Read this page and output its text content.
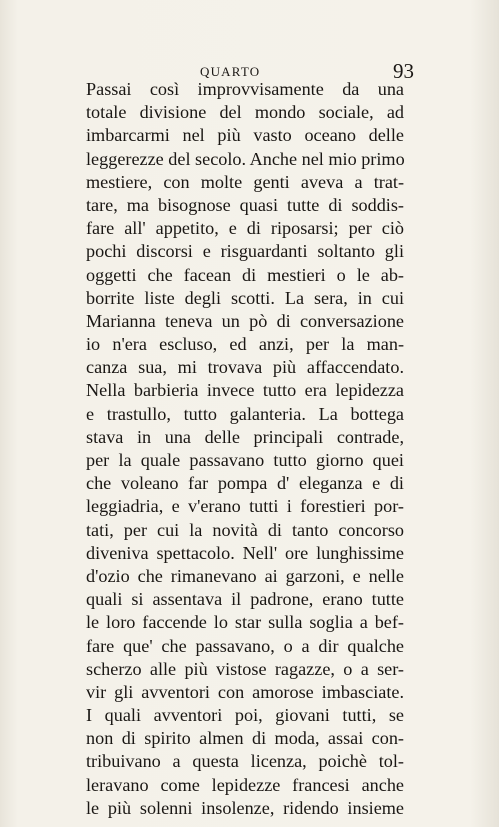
QUARTO	93
Passai così improvvisamente da una
totale divisione del mondo sociale, ad
imbarcarmi nel più vasto oceano delle
leggerezze del secolo. Anche nel mio primo
mestiere, con molte genti aveva a trat-
tare, ma bisognose quasi tutte di soddis-
fare all' appetito, e di riposarsi; per ciò
pochi discorsi e risguardanti soltanto gli
oggetti che facean di mestieri o le ab-
borrite liste degli scotti. La sera, in cui
Marianna teneva un pò di conversazione
io n'era escluso, ed anzi, per la man-
canza sua, mi trovava più affaccendato.
Nella barbieria invece tutto era lepidezza
e trastullo, tutto galanteria. La bottega
stava in una delle principali contrade,
per la quale passavano tutto giorno quei
che voleano far pompa d' eleganza e di
leggiadria, e v'erano tutti i forestieri por-
tati, per cui la novità di tanto concorso
diveniva spettacolo. Nell' ore lunghissime
d'ozio che rimanevano ai garzoni, e nelle
quali si assentava il padrone, erano tutte
le loro faccende lo star sulla soglia a bef-
fare que' che passavano, o a dir qualche
scherzo alle più vistose ragazze, o a ser-
vir gli avventori con amorose imbasciate.
I quali avventori poi, giovani tutti, se
non di spirito almen di moda, assai con-
tribuivano a questa licenza, poichè tol-
leravano come lepidezze francesi anche
le più solenni insolenze, ridendo insieme
